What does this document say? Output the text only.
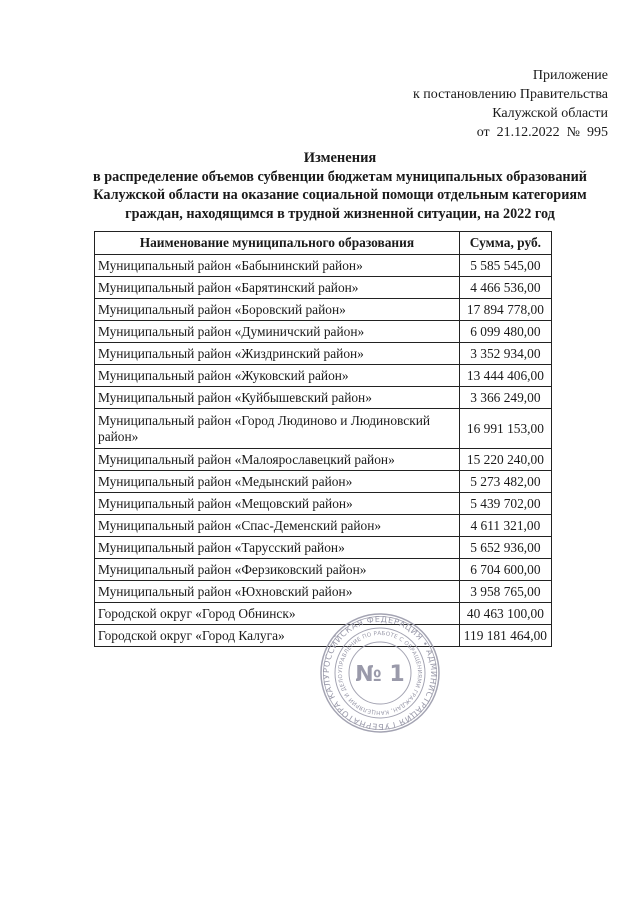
Приложение
к постановлению Правительства
Калужской области
от 21.12.2022 № 995
Изменения
в распределение объемов субвенции бюджетам муниципальных образований
Калужской области на оказание социальной помощи отдельным категориям
граждан, находящимся в трудной жизненной ситуации, на 2022 год
Наименование муниципального образования	Сумма, руб.
Муниципальный район «Бабынинский район»	5 585 545,00
Муниципальный район «Барятинский район»	4 466 536,00
Муниципальный район «Боровский район»	17 894 778,00
Муниципальный район «Думиничский район»	6 099 480,00
Муниципальный район «Жиздринский район»	3 352 934,00
Муниципальный район «Жуковский район»	13 444 406,00
Муниципальный район «Куйбышевский район»	3 366 249,00
Муниципальный район «Город Людиново и Людиновский район»	16 991 153,00
Муниципальный район «Малоярославецкий район»	15 220 240,00
Муниципальный район «Медынский район»	5 273 482,00
Муниципальный район «Мещовский район»	5 439 702,00
Муниципальный район «Спас-Деменский район»	4 611 321,00
Муниципальный район «Тарусский район»	5 652 936,00
Муниципальный район «Ферзиковский район»	6 704 600,00
Муниципальный район «Юхновский район»	3 958 765,00
Городской округ «Город Обнинск»	40 463 100,00
Городской округ «Город Калуга»	119 181 464,00
РОССИЙСКАЯ ФЕДЕРАЦИЯ • АДМИНИСТРАЦИЯ ГУБЕРНАТОРА КАЛУ
УПРАВЛЕНИЕ ПО РАБОТЕ С ОБРАЩЕНИЯМИ ГРАЖДАН, КАНЦЕЛЯРИИ И ДЕЛО № 1
